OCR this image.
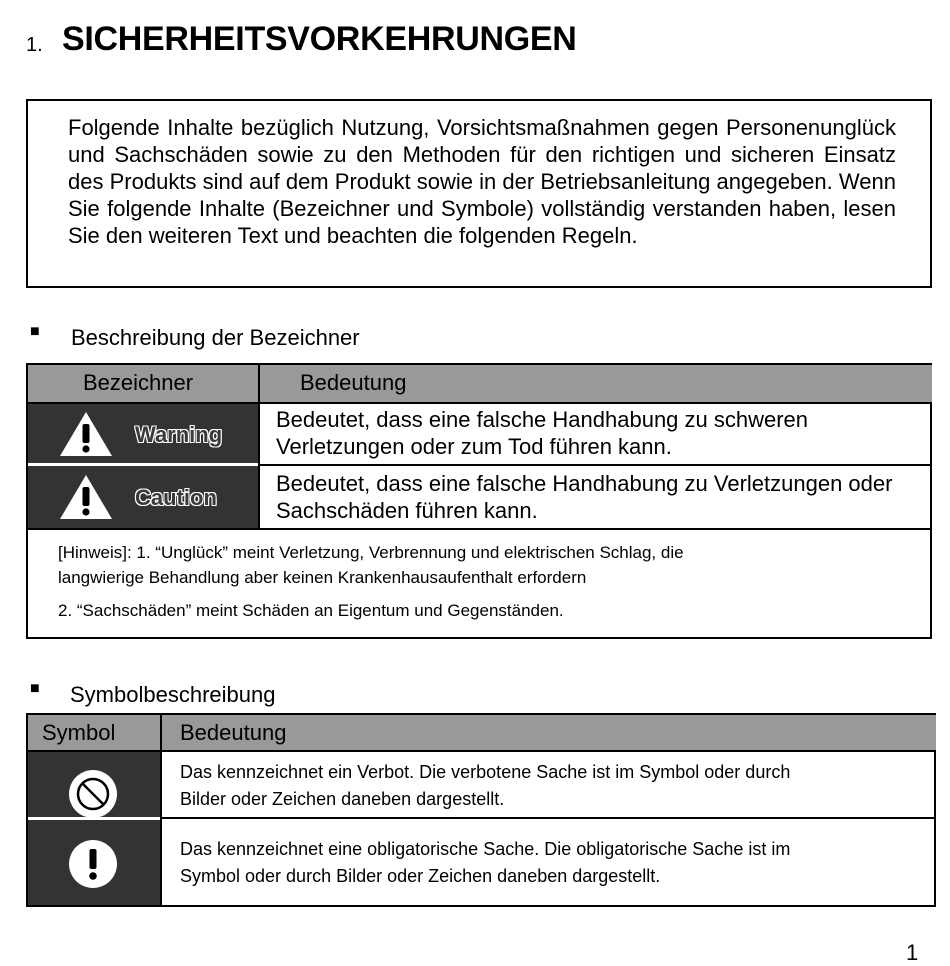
1. SICHERHEITSVORKEHRUNGEN
Folgende Inhalte bezüglich Nutzung, Vorsichtsmaßnahmen gegen Personenunglück und Sachschäden sowie zu den Methoden für den richtigen und sicheren Einsatz des Produkts sind auf dem Produkt sowie in der Betriebsanleitung angegeben. Wenn Sie folgende Inhalte (Bezeichner und Symbole) vollständig verstanden haben, lesen Sie den weiteren Text und beachten die folgenden Regeln.
■ Beschreibung der Bezeichner
Bezeichner	Bedeutung
Warning
Bedeutet, dass eine falsche Handhabung zu schweren
Verletzungen oder zum Tod führen kann.
Caution
Bedeutet, dass eine falsche Handhabung zu Verletzungen oder
Sachschäden führen kann.
[Hinweis]: 1. “Unglück” meint Verletzung, Verbrennung und elektrischen Schlag, die
langwierige Behandlung aber keinen Krankenhausaufenthalt erfordern
2. “Sachschäden” meint Schäden an Eigentum und Gegenständen.
■ Symbolbeschreibung
Symbol	Bedeutung
Das kennzeichnet ein Verbot. Die verbotene Sache ist im Symbol oder durch
Bilder oder Zeichen daneben dargestellt.
Das kennzeichnet eine obligatorische Sache. Die obligatorische Sache ist im
Symbol oder durch Bilder oder Zeichen daneben dargestellt.
1
